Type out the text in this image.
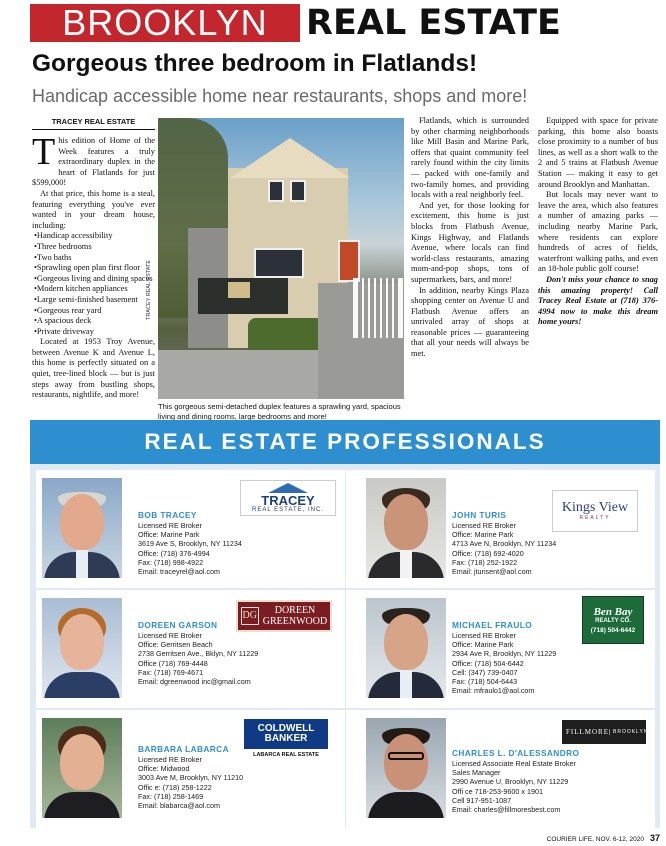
BROOKLYN	REAL ESTATE
Gorgeous three bedroom in Flatlands!
Handicap accessible home near restaurants, shops and more!
TRACEY REAL ESTATE

This edition of Home of the Week features a truly extraordinary duplex in the heart of Flatlands for just $599,000!

At that price, this home is a steal, featuring everything you've ever wanted in your dream house, including:

•Handicap accessibility
•Three bedrooms
•Two baths
•Sprawling open plan first floor
•Gorgeous living and dining spaces
•Modern kitchen appliances
•Large semi-finished basement
•Gorgeous rear yard
•A spacious deck
•Private driveway

Located at 1953 Troy Avenue, between Avenue K and Avenue L, this home is perfectly situated on a quiet, tree-lined block — but is just steps away from bustling shops, restaurants, nightlife, and more!

TRACEY REAL ESTATE
This gorgeous semi-detached duplex features a sprawling yard, spacious living and dining rooms, large bedrooms and more!

Flatlands, which is surrounded by other charming neighborhoods like Mill Basin and Marine Park, offers that quaint community feel rarely found within the city limits — packed with one-family and two-family homes, and providing locals with a real neighborly feel.

And yet, for those looking for excitement, this home is just blocks from Flatbush Avenue, Kings Highway, and Flatlands Avenue, where locals can find world-class restaurants, amazing mom-and-pop shops, tons of supermarkets, bars, and more!

In addition, nearby Kings Plaza shopping center on Avenue U and Flatbush Avenue offers an unrivaled array of shops at reasonable prices — guaranteeing that all your needs will always be met.

Equipped with space for private parking, this home also boasts close proximity to a number of bus lines, as well as a short walk to the 2 and 5 trains at Flatbush Avenue Station — making it easy to get around Brooklyn and Manhattan.

But locals may never want to leave the area, which also features a number of amazing parks — including nearby Marine Park, where residents can explore hundreds of acres of fields, waterfront walking paths, and even an 18-hole public golf course!

Don't miss your chance to snag this amazing property! Call Tracey Real Estate at (718) 376-4994 now to make this dream home yours!

REAL ESTATE PROFESSIONALS
TRACEY
REAL ESTATE, INC.
BOB TRACEY
Licensed RE Broker
Office: Marine Park
3619 Ave S, Brooklyn, NY 11234
Office: (718) 376-4994
Fax: (718) 998-4922
Email: traceyrel@aol.com
Kings View
REALTY
JOHN TURIS
Licensed RE Broker
Office: Marine Park
4713 Ave N, Brooklyn, NY 11234
Office: (718) 692-4020
Fax: (718) 252-1922
Email: jturisent@aol.com
DG	DOREEN
GREENWOOD
DOREEN GARSON
Licensed RE Broker
Office: Gerritsen Beach
2738 Gerritsen Ave., Bklyn, NY 11229
Office (718) 769-4448
Fax: (718) 769-4671
Email: dgreenwood inc@gmail.com
Ben Bay
REALTY CO.
(718) 504-6442
MICHAEL FRAULO
Licensed RE Broker
Office: Marine Park
2934 Ave R, Brooklyn, NY 11229
Office: (718) 504-6442
Cell: (347) 739-0407
Fax: (718) 504-6443
Email: mfraulo1@aol.com
COLDWELL
BANKER
LABARCA REAL ESTATE
BARBARA LABARCA
Licensed RE Broker
Office: Midwood
3003 Ave M, Brooklyn, NY 11210
Offic e: (718) 258-1222
Fax: (718) 258-1469
Email: blabarca@aol.com
FILLMORE BROOKLYN
CHARLES L. D'ALESSANDRO
Licensed Associate Real Estate Broker
Sales Manager
2990 Avenue U, Brooklyn, NY 11229
Offi ce 718-253-9600 x 1901
Cell 917-951-1087
Email: charles@fillmoresbest.com
COURIER LIFE, NOV. 6-12, 2020 37
